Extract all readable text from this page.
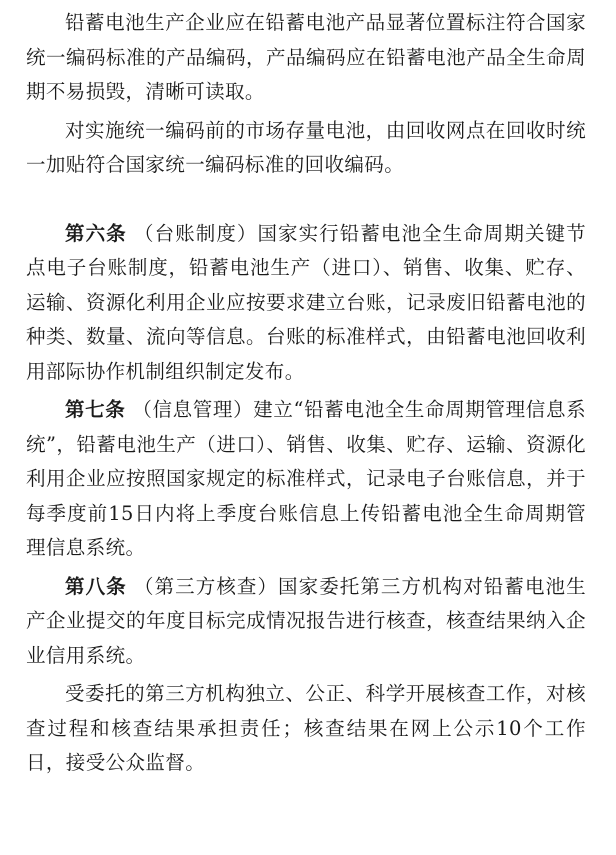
铅蓄电池生产企业应在铅蓄电池产品显著位置标注符合国家统一编码标准的产品编码，产品编码应在铅蓄电池产品全生命周期不易损毁，清晰可读取。

对实施统一编码前的市场存量电池，由回收网点在回收时统一加贴符合国家统一编码标准的回收编码。

第六条 （台账制度）国家实行铅蓄电池全生命周期关键节点电子台账制度，铅蓄电池生产（进口）、销售、收集、贮存、运输、资源化利用企业应按要求建立台账，记录废旧铅蓄电池的种类、数量、流向等信息。台账的标准样式，由铅蓄电池回收利用部际协作机制组织制定发布。

第七条 （信息管理）建立“铅蓄电池全生命周期管理信息系统”，铅蓄电池生产（进口）、销售、收集、贮存、运输、资源化利用企业应按照国家规定的标准样式，记录电子台账信息，并于每季度前15日内将上季度台账信息上传铅蓄电池全生命周期管理信息系统。

第八条 （第三方核查）国家委托第三方机构对铅蓄电池生产企业提交的年度目标完成情况报告进行核查，核查结果纳入企业信用系统。

受委托的第三方机构独立、公正、科学开展核查工作，对核查过程和核查结果承担责任；核查结果在网上公示10个工作日，接受公众监督。
